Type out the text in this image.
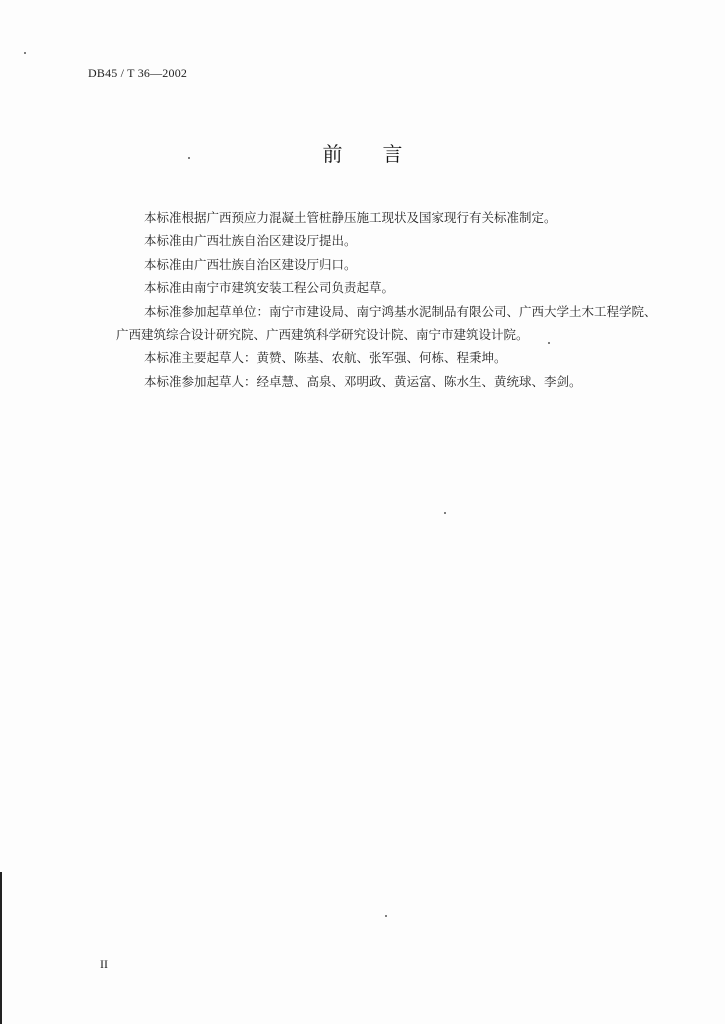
DB45 / T 36—2002
前 言
本标准根据广西预应力混凝土管桩静压施工现状及国家现行有关标准制定。
本标准由广西壮族自治区建设厅提出。
本标准由广西壮族自治区建设厅归口。
本标准由南宁市建筑安装工程公司负责起草。
本标准参加起草单位：南宁市建设局、南宁鸿基水泥制品有限公司、广西大学土木工程学院、
广西建筑综合设计研究院、广西建筑科学研究设计院、南宁市建筑设计院。
本标准主要起草人：黄赞、陈基、农航、张军强、何栋、程秉坤。
本标准参加起草人：经卓慧、高泉、邓明政、黄运富、陈水生、黄统球、李剑。
II
